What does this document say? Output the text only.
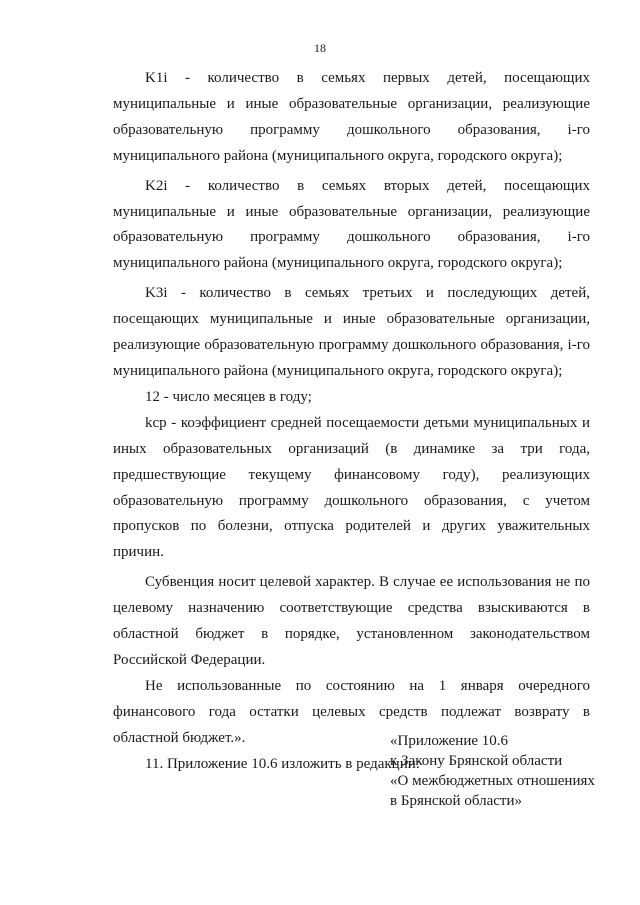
18

K1i - количество в семьях первых детей, посещающих муниципальные и иные образовательные организации, реализующие образовательную программу дошкольного образования, i-го муниципального района (муниципального округа, городского округа);

K2i - количество в семьях вторых детей, посещающих муниципальные и иные образовательные организации, реализующие образовательную программу дошкольного образования, i-го муниципального района (муниципального округа, городского округа);

K3i - количество в семьях третьих и последующих детей, посещающих муниципальные и иные образовательные организации, реализующие образовательную программу дошкольного образования, i-го муниципального района (муниципального округа, городского округа);

12 - число месяцев в году;

kср - коэффициент средней посещаемости детьми муниципальных и иных образовательных организаций (в динамике за три года, предшествующие текущему финансовому году), реализующих образовательную программу дошкольного образования, с учетом пропусков по болезни, отпуска родителей и других уважительных причин.

Субвенция носит целевой характер. В случае ее использования не по целевому назначению соответствующие средства взыскиваются в областной бюджет в порядке, установленном законодательством Российской Федерации.

Не использованные по состоянию на 1 января очередного финансового года остатки целевых средств подлежат возврату в областной бюджет.».

11. Приложение 10.6 изложить в редакции:

«Приложение 10.6
к Закону Брянской области
«О межбюджетных отношениях
в Брянской области»
